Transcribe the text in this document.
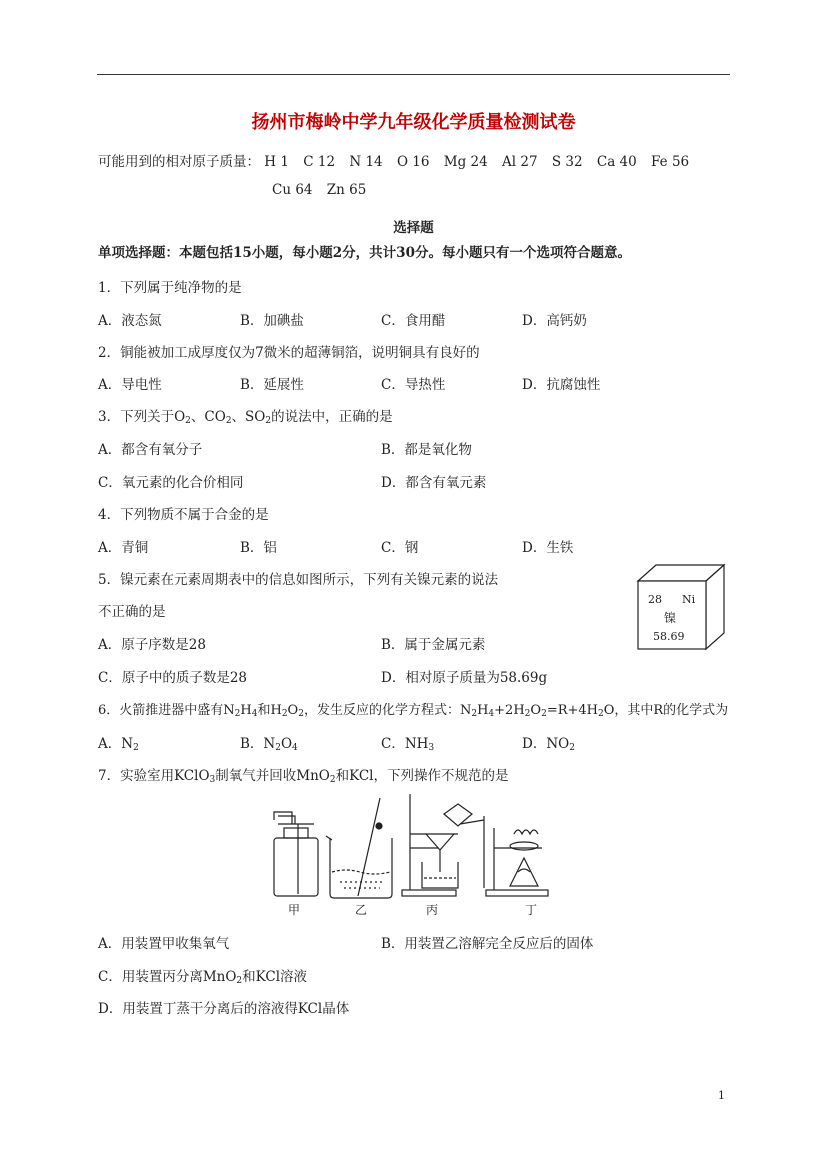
扬州市梅岭中学九年级化学质量检测试卷
可能用到的相对原子质量： H 1 C 12 N 14 O 16 Mg 24 Al 27 S 32 Ca 40 Fe 56
Cu 64 Zn 65
选择题
单项选择题：本题包括15小题，每小题2分，共计30分。每小题只有一个选项符合题意。
1．下列属于纯净物的是
A．液态氮	B．加碘盐	C．食用醋	D．高钙奶
2．铜能被加工成厚度仅为7微米的超薄铜箔，说明铜具有良好的
A．导电性	B．延展性	C．导热性	D．抗腐蚀性
3．下列关于$O_2$、$CO_2$、$SO_2$的说法中，正确的是
A．都含有氧分子	B．都是氧化物
C．氧元素的化合价相同	D．都含有氧元素
4．下列物质不属于合金的是
A．青铜	B．铝	C．钢	D．生铁
5．镍元素在元素周期表中的信息如图所示，下列有关镍元素的说法
不正确的是
A．原子序数是28	B．属于金属元素
C．原子中的质子数是28	D．相对原子质量为58.69g
28 Ni
镍
58.69
6．火箭推进器中盛有$N_2H_4$和$H_2O_2$，发生反应的化学方程式：$N_2H_4+2H_2O_2=R+4H_2O$，其中R的化学式为
A．$N_2$	B．$N_2O_4$	C．$NH_3$	D．$NO_2$
7．实验室用KClO$_3$制氧气并回收MnO$_2$和KCl，下列操作不规范的是
甲	乙	丙	丁
A．用装置甲收集氧气	B．用装置乙溶解完全反应后的固体
C．用装置丙分离MnO$_2$和KCl溶液
D．用装置丁蒸干分离后的溶液得KCl晶体
1
